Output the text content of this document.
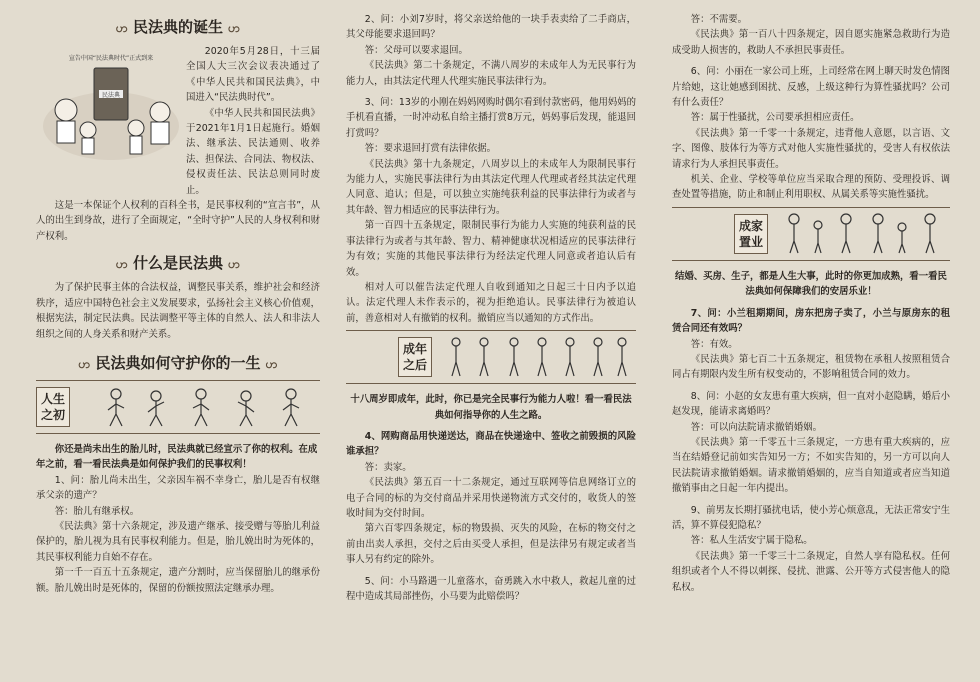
ဟ 民法典的诞生 ဟ
宣告中国“民法典时代”正式到来
民法典

2020年5月28日，十三届全国人大三次会议表决通过了《中华人民共和国民法典》，中国进入“民法典时代”。

《中华人民共和国民法典》于2021年1月1日起施行。婚姻法、继承法、民法通则、收养法、担保法、合同法、物权法、侵权责任法、民法总则同时废止。

这是一本保证个人权利的百科全书，是民事权利的“宣言书”，从人的出生到身故，进行了全面规定，“全时守护”人民的人身权利和财产权利。

ဟ 什么是民法典 ဟ

为了保护民事主体的合法权益，调整民事关系，维护社会和经济秩序，适应中国特色社会主义发展要求，弘扬社会主义核心价值观，根据宪法，制定民法典。民法调整平等主体的自然人、法人和非法人组织之间的人身关系和财产关系。

ဟ 民法典如何守护你的一生 ဟ
人生之初

你还是尚未出生的胎儿时，民法典就已经宣示了你的权利。在成年之前，看一看民法典是如何保护我们的民事权利！

1、问：胎儿尚未出生，父亲因车祸不幸身亡，胎儿是否有权继承父亲的遗产？

答：胎儿有继承权。

《民法典》第十六条规定，涉及遗产继承、接受赠与等胎儿利益保护的，胎儿视为具有民事权利能力。但是，胎儿娩出时为死体的，其民事权利能力自始不存在。

第一千一百五十五条规定，遗产分割时，应当保留胎儿的继承份额。胎儿娩出时是死体的，保留的份额按照法定继承办理。

2、问：小刘7岁时，将父亲送给他的一块手表卖给了二手商店，其父母能要求退回吗？

答：父母可以要求退回。

《民法典》第二十条规定，不满八周岁的未成年人为无民事行为能力人，由其法定代理人代理实施民事法律行为。

3、问：13岁的小刚在妈妈网购时偶尔看到付款密码，他用妈妈的手机看直播，一时冲动私自给主播打赏8万元，妈妈事后发现，能退回打赏吗？

答：要求退回打赏有法律依据。

《民法典》第十九条规定，八周岁以上的未成年人为限制民事行为能力人，实施民事法律行为由其法定代理人代理或者经其法定代理人同意、追认；但是，可以独立实施纯获利益的民事法律行为或者与其年龄、智力相适应的民事法律行为。

第一百四十五条规定，限制民事行为能力人实施的纯获利益的民事法律行为或者与其年龄、智力、精神健康状况相适应的民事法律行为有效；实施的其他民事法律行为经法定代理人同意或者追认后有效。

相对人可以催告法定代理人自收到通知之日起三十日内予以追认。法定代理人未作表示的，视为拒绝追认。民事法律行为被追认前，善意相对人有撤销的权利。撤销应当以通知的方式作出。

成年之后

十八周岁即成年，此时，你已是完全民事行为能力人啦！看一看民法典如何指导你的人生之路。

4、网购商品用快递送达，商品在快递途中、签收之前毁损的风险谁承担？

答：卖家。

《民法典》第五百一十二条规定，通过互联网等信息网络订立的电子合同的标的为交付商品并采用快递物流方式交付的，收货人的签收时间为交付时间。

第六百零四条规定，标的物毁损、灭失的风险，在标的物交付之前由出卖人承担，交付之后由买受人承担，但是法律另有规定或者当事人另有约定的除外。

5、问：小马路遇一儿童落水，奋勇跳入水中救人，救起儿童的过程中造成其局部挫伤，小马要为此赔偿吗？

答：不需要。

《民法典》第一百八十四条规定，因自愿实施紧急救助行为造成受助人损害的，救助人不承担民事责任。

6、问：小丽在一家公司上班，上司经常在网上聊天时发色情图片给她，这让她感到困扰、反感，上级这种行为算性骚扰吗？公司有什么责任？

答：属于性骚扰，公司要承担相应责任。

《民法典》第一千零一十条规定，违背他人意愿，以言语、文字、图像、肢体行为等方式对他人实施性骚扰的，受害人有权依法请求行为人承担民事责任。

机关、企业、学校等单位应当采取合理的预防、受理投诉、调查处置等措施，防止和制止利用职权、从属关系等实施性骚扰。

成家置业

结婚、买房、生子，都是人生大事，此时的你更加成熟，看一看民法典如何保障我们的安居乐业！

7、问：小兰租期期间，房东把房子卖了，小兰与原房东的租赁合同还有效吗？

答：有效。

《民法典》第七百二十五条规定，租赁物在承租人按照租赁合同占有期限内发生所有权变动的，不影响租赁合同的效力。

8、问：小赵的女友患有重大疾病，但一直对小赵隐瞒，婚后小赵发现，能请求离婚吗？

答：可以向法院请求撤销婚姻。

《民法典》第一千零五十三条规定，一方患有重大疾病的，应当在结婚登记前如实告知另一方；不如实告知的，另一方可以向人民法院请求撤销婚姻。请求撤销婚姻的，应当自知道或者应当知道撤销事由之日起一年内提出。

9、前男友长期打骚扰电话，使小芳心烦意乱，无法正常安宁生活，算不算侵犯隐私？

答：私人生活安宁属于隐私。

《民法典》第一千零三十二条规定，自然人享有隐私权。任何组织或者个人不得以刺探、侵扰、泄露、公开等方式侵害他人的隐私权。
